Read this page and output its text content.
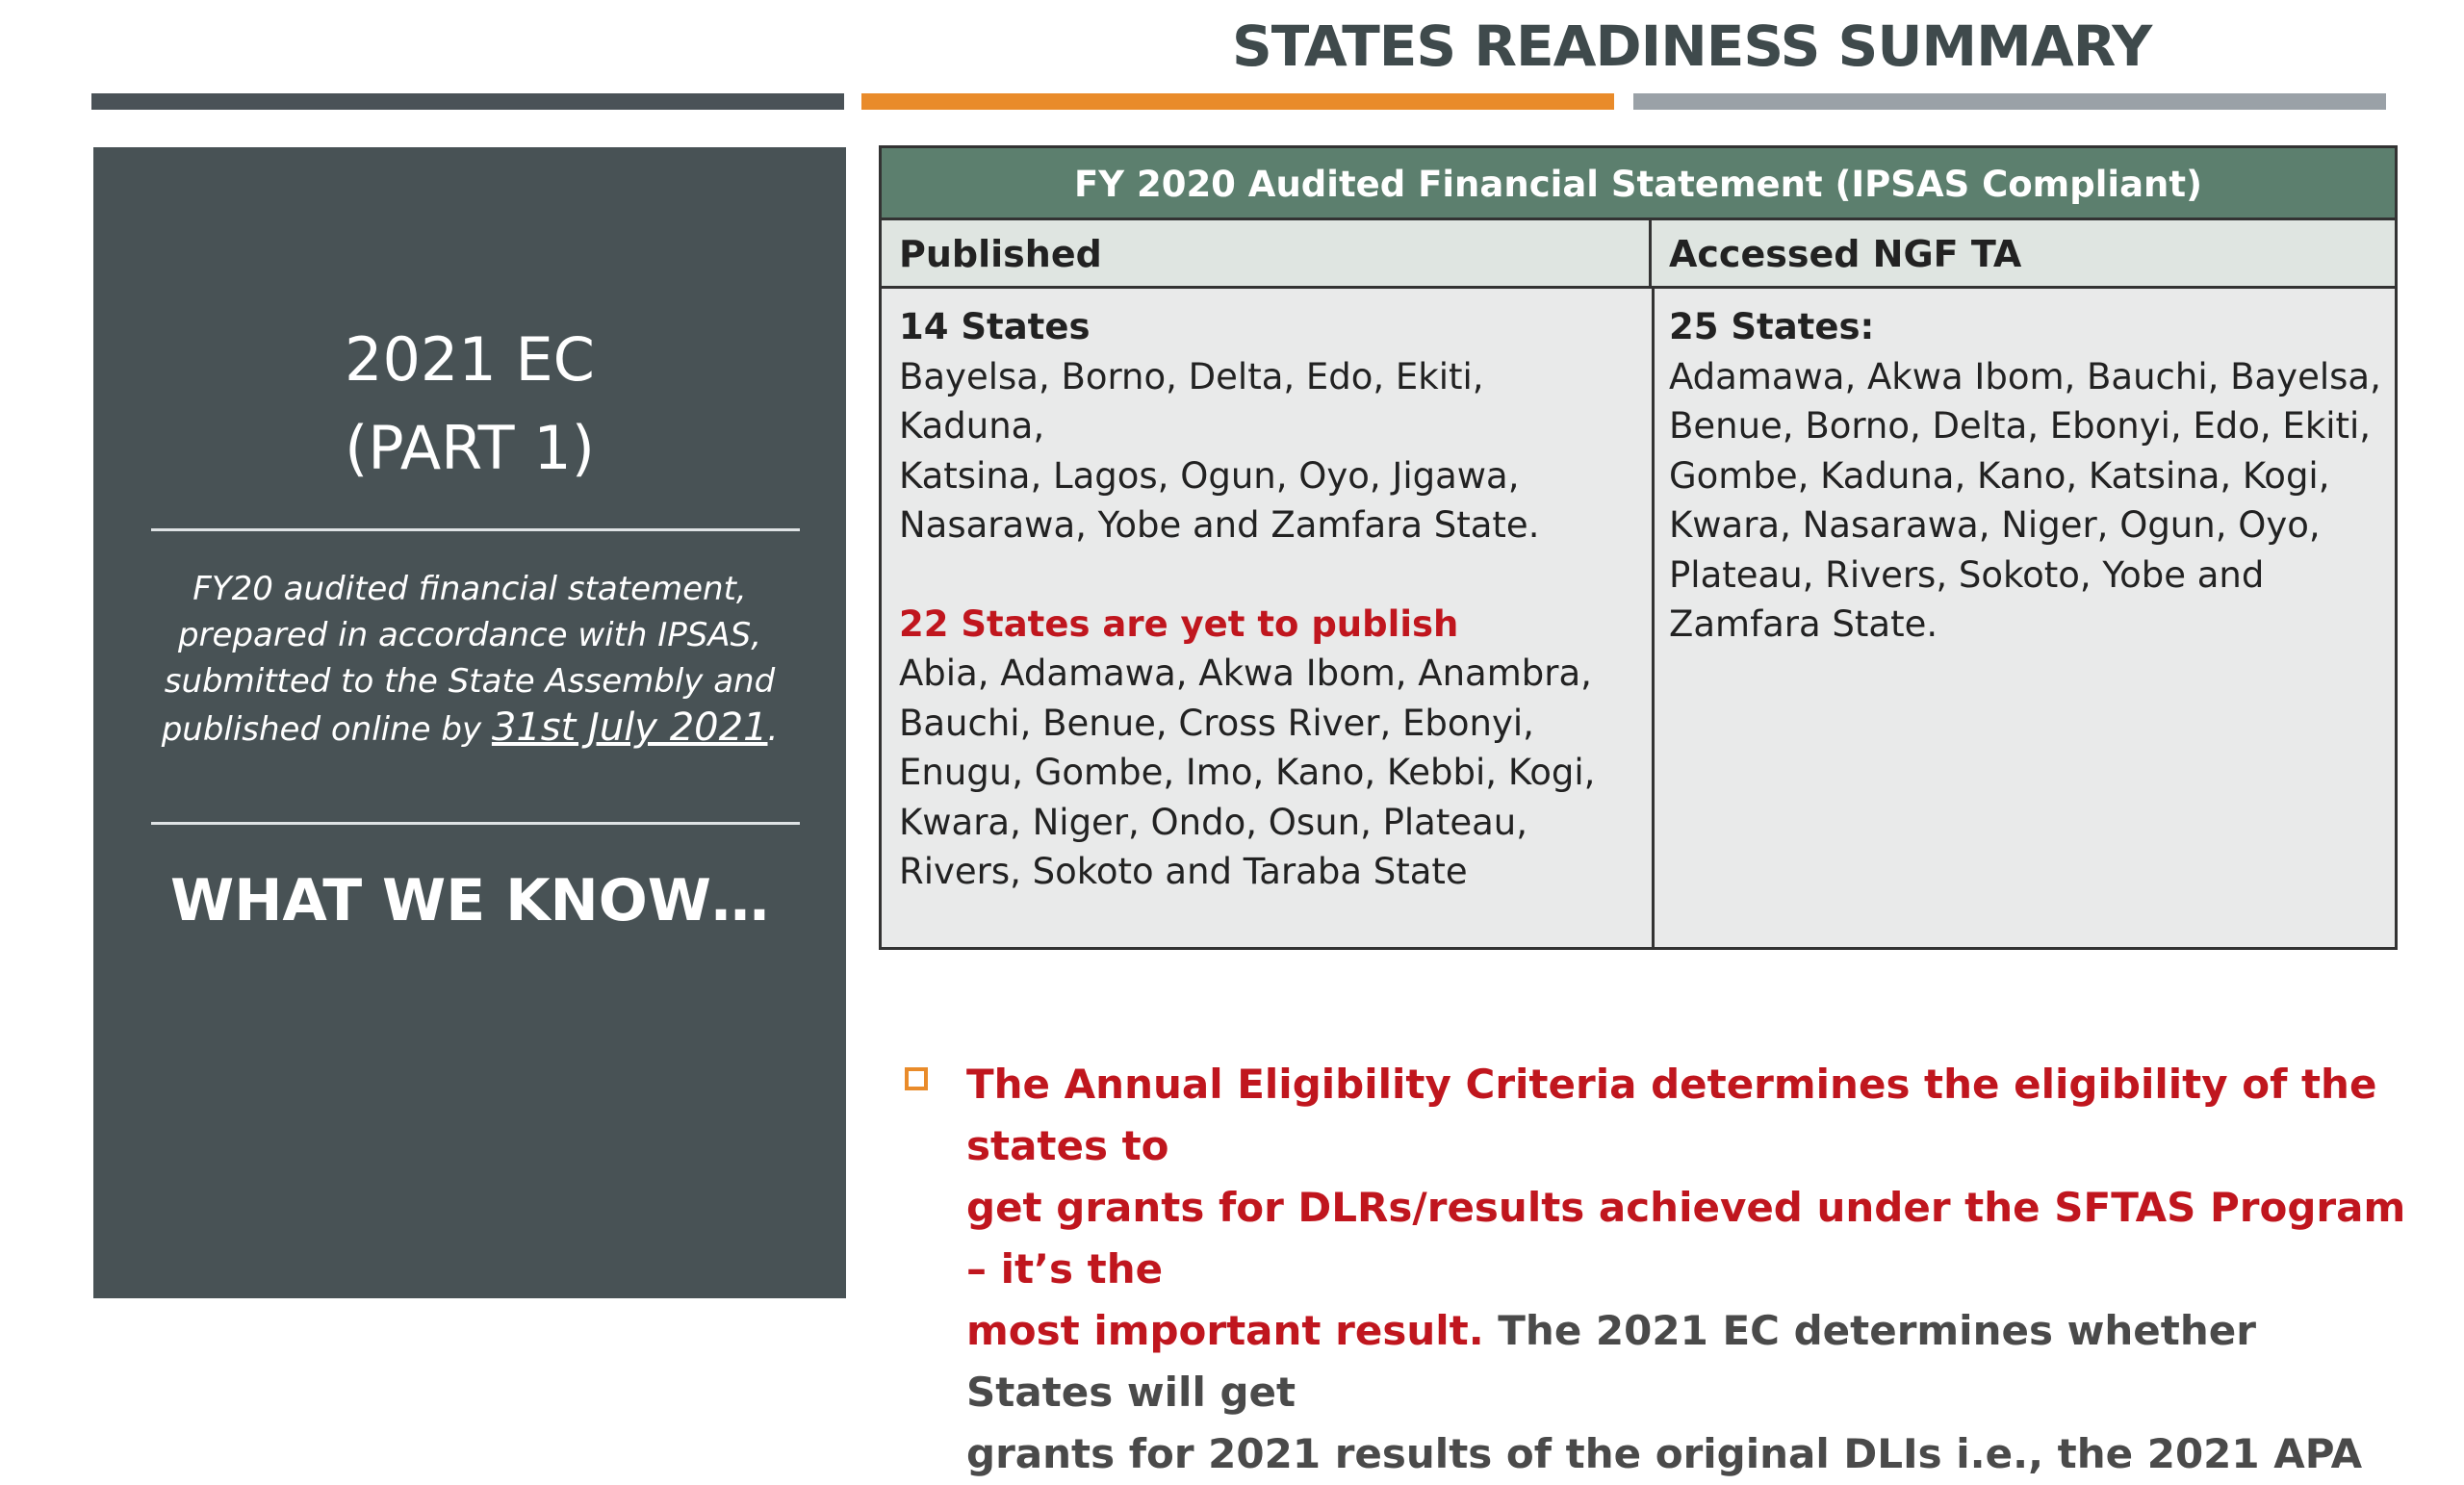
STATES READINESS SUMMARY
2021 EC
(PART 1)
FY20 audited financial statement,
prepared in accordance with IPSAS,
submitted to the State Assembly and
published online by 31st July 2021.
WHAT WE KNOW…
FY 2020 Audited Financial Statement (IPSAS Compliant)
Published	Accessed NGF TA
14 States
Bayelsa, Borno, Delta, Edo, Ekiti, Kaduna,
Katsina, Lagos, Ogun, Oyo, Jigawa,
Nasarawa, Yobe and Zamfara State.
22 States are yet to publish
Abia, Adamawa, Akwa Ibom, Anambra,
Bauchi, Benue, Cross River, Ebonyi,
Enugu, Gombe, Imo, Kano, Kebbi, Kogi,
Kwara, Niger, Ondo, Osun, Plateau,
Rivers, Sokoto and Taraba State
25 States:
Adamawa, Akwa Ibom, Bauchi, Bayelsa,
Benue, Borno, Delta, Ebonyi, Edo, Ekiti,
Gombe, Kaduna, Kano, Katsina, Kogi,
Kwara, Nasarawa, Niger, Ogun, Oyo,
Plateau, Rivers, Sokoto, Yobe and
Zamfara State.
The Annual Eligibility Criteria determines the eligibility of the states to
get grants for DLRs/results achieved under the SFTAS Program – it’s the
most important result. The 2021 EC determines whether States will get
grants for 2021 results of the original DLIs i.e., the 2021 APA
